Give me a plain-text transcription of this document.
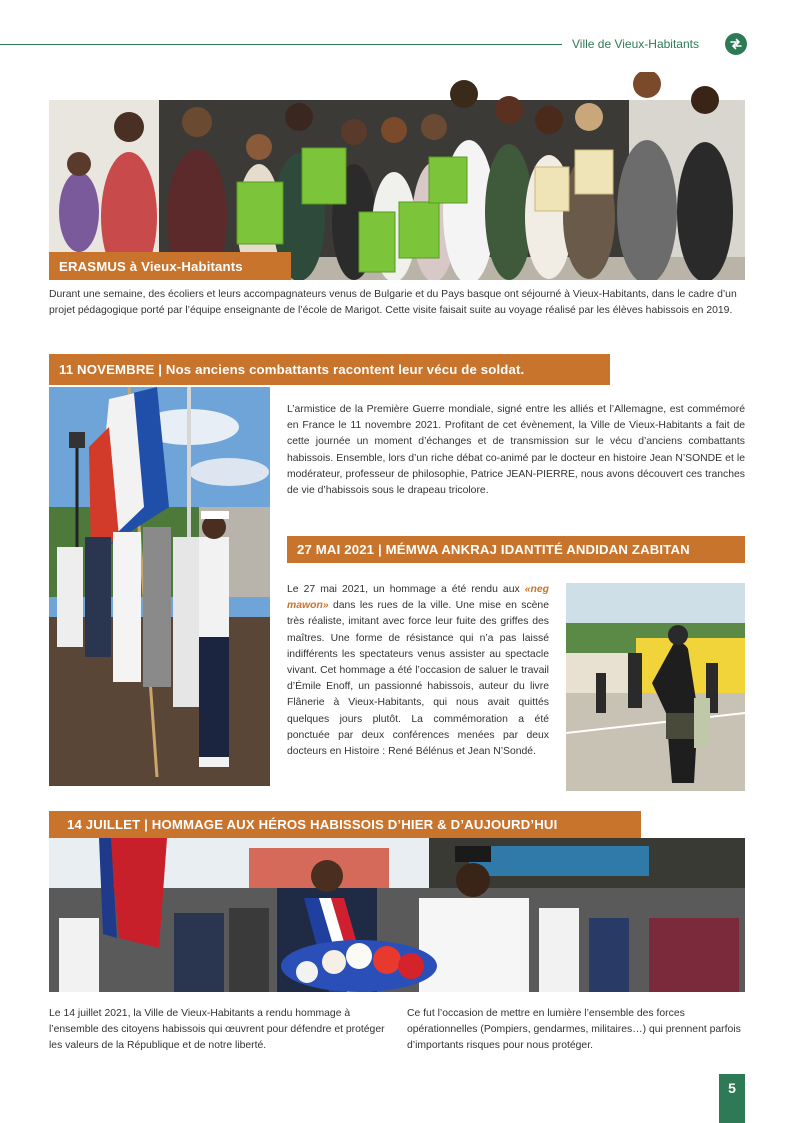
Ville de Vieux-Habitants
ERASMUS à Vieux-Habitants
Durant une semaine, des écoliers et leurs accompagnateurs venus de Bulgarie et du Pays basque ont séjourné à Vieux-Habitants, dans le cadre d’un projet pédagogique porté par l’équipe enseignante de l’école de Marigot. Cette visite faisait suite au voyage réalisé par les élèves habissois en 2019.
11 NOVEMBRE | Nos anciens combattants racontent leur vécu de soldat.
L’armistice de la Première Guerre mondiale, signé entre les alliés et l’Allemagne, est commémoré en France le 11 novembre 2021. Profitant de cet évènement, la Ville de Vieux-Habitants a fait de cette journée un moment d’échanges et de transmission sur le vécu d’anciens combattants habissois. Ensemble, lors d’un riche débat co-animé par le docteur en histoire Jean N’SONDE et le modérateur, professeur de philosophie, Patrice JEAN-PIERRE, nous avons découvert ces tranches de vie d’habissois sous le drapeau tricolore.
27 MAI 2021 | MÉMWA ANKRAJ IDANTITÉ ANDIDAN ZABITAN
Le 27 mai 2021, un hommage a été rendu aux «neg mawon» dans les rues de la ville. Une mise en scène très réaliste, imitant avec force leur fuite des griffes des maîtres. Une forme de résistance qui n’a pas laissé indifférents les spectateurs venus assister au spectacle vivant. Cet hommage a été l’occasion de saluer le travail d’Émile Enoff, un passionné habissois, auteur du livre Flânerie à Vieux-Habitants, qui nous avait quittés quelques jours plutôt. La commémoration a été ponctuée par deux conférences menées par deux docteurs en Histoire : René Bélénus et Jean N’Sondé.
14 JUILLET | HOMMAGE AUX HÉROS HABISSOIS D’HIER & D’AUJOURD’HUI
Le 14 juillet 2021, la Ville de Vieux-Habitants a rendu hommage à l’ensemble des citoyens habissois qui œuvrent pour défendre et protéger les valeurs de la République et de notre liberté.
Ce fut l’occasion de mettre en lumière l’ensemble des forces opérationnelles (Pompiers, gendarmes, militaires…) qui prennent parfois d’importants risques pour nous protéger.
5
